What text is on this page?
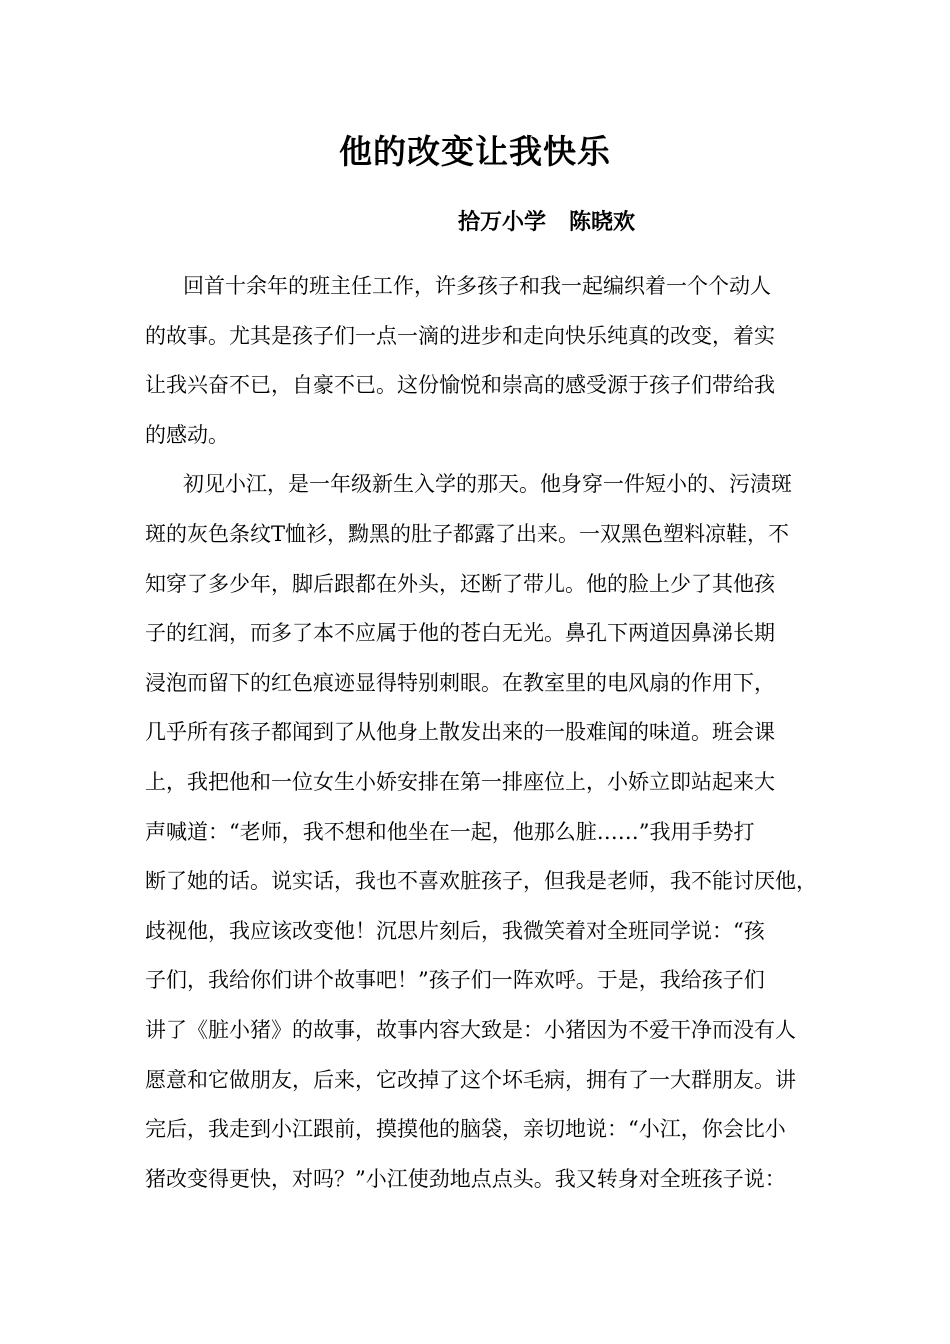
他的改变让我快乐
拾万小学   陈晓欢
回首十余年的班主任工作，许多孩子和我一起编织着一个个动人
的故事。尤其是孩子们一点一滴的进步和走向快乐纯真的改变，着实
让我兴奋不已，自豪不已。这份愉悦和崇高的感受源于孩子们带给我
的感动。
初见小江，是一年级新生入学的那天。他身穿一件短小的、污渍斑
斑的灰色条纹T恤衫，黝黑的肚子都露了出来。一双黑色塑料凉鞋，不
知穿了多少年，脚后跟都在外头，还断了带儿。他的脸上少了其他孩
子的红润，而多了本不应属于他的苍白无光。鼻孔下两道因鼻涕长期
浸泡而留下的红色痕迹显得特别刺眼。在教室里的电风扇的作用下，
几乎所有孩子都闻到了从他身上散发出来的一股难闻的味道。班会课
上，我把他和一位女生小娇安排在第一排座位上，小娇立即站起来大
声喊道：“老师，我不想和他坐在一起，他那么脏……”我用手势打
断了她的话。说实话，我也不喜欢脏孩子，但我是老师，我不能讨厌他，
歧视他，我应该改变他！沉思片刻后，我微笑着对全班同学说：“孩
子们，我给你们讲个故事吧！”孩子们一阵欢呼。于是，我给孩子们
讲了《脏小猪》的故事，故事内容大致是：小猪因为不爱干净而没有人
愿意和它做朋友，后来，它改掉了这个坏毛病，拥有了一大群朋友。讲
完后，我走到小江跟前，摸摸他的脑袋，亲切地说：“小江，你会比小
猪改变得更快，对吗？”小江使劲地点点头。我又转身对全班孩子说：
